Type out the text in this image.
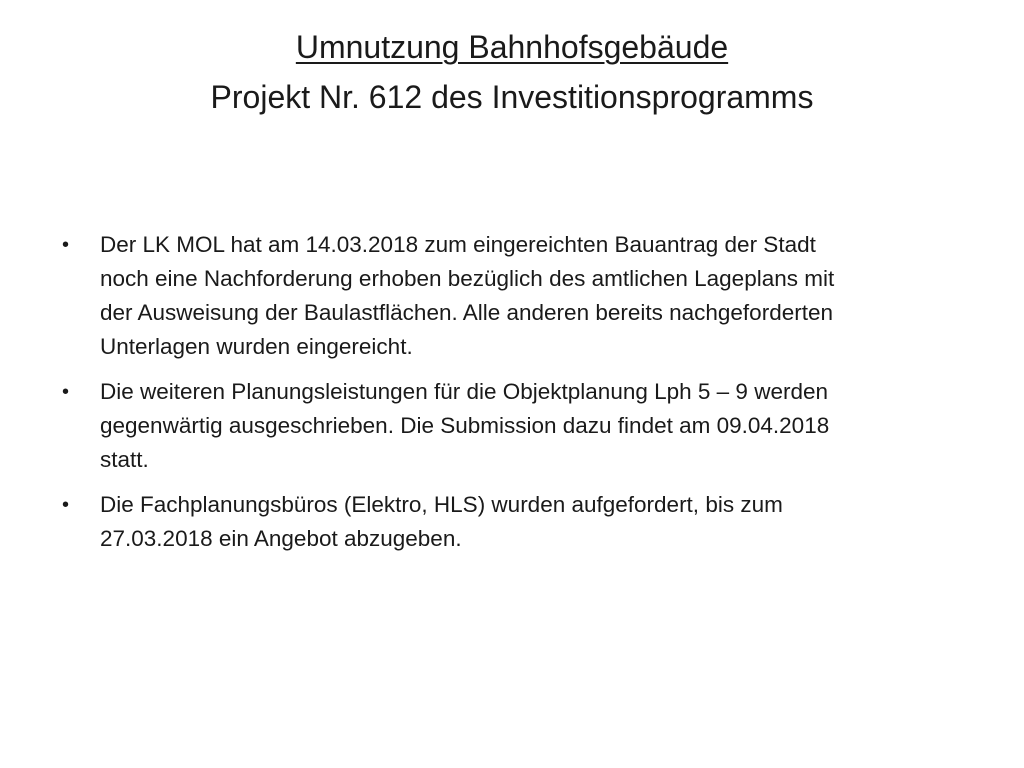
Umnutzung Bahnhofsgebäude
Projekt Nr. 612 des Investitionsprogramms
•	Der LK MOL hat am 14.03.2018 zum eingereichten Bauantrag der Stadt
noch eine Nachforderung erhoben bezüglich des amtlichen Lageplans mit
der Ausweisung der Baulastflächen. Alle anderen bereits nachgeforderten
Unterlagen wurden eingereicht.
•	Die weiteren Planungsleistungen für die Objektplanung Lph 5 – 9 werden
gegenwärtig ausgeschrieben. Die Submission dazu findet am 09.04.2018
statt.
•	Die Fachplanungsbüros (Elektro, HLS) wurden aufgefordert, bis zum
27.03.2018 ein Angebot abzugeben.
